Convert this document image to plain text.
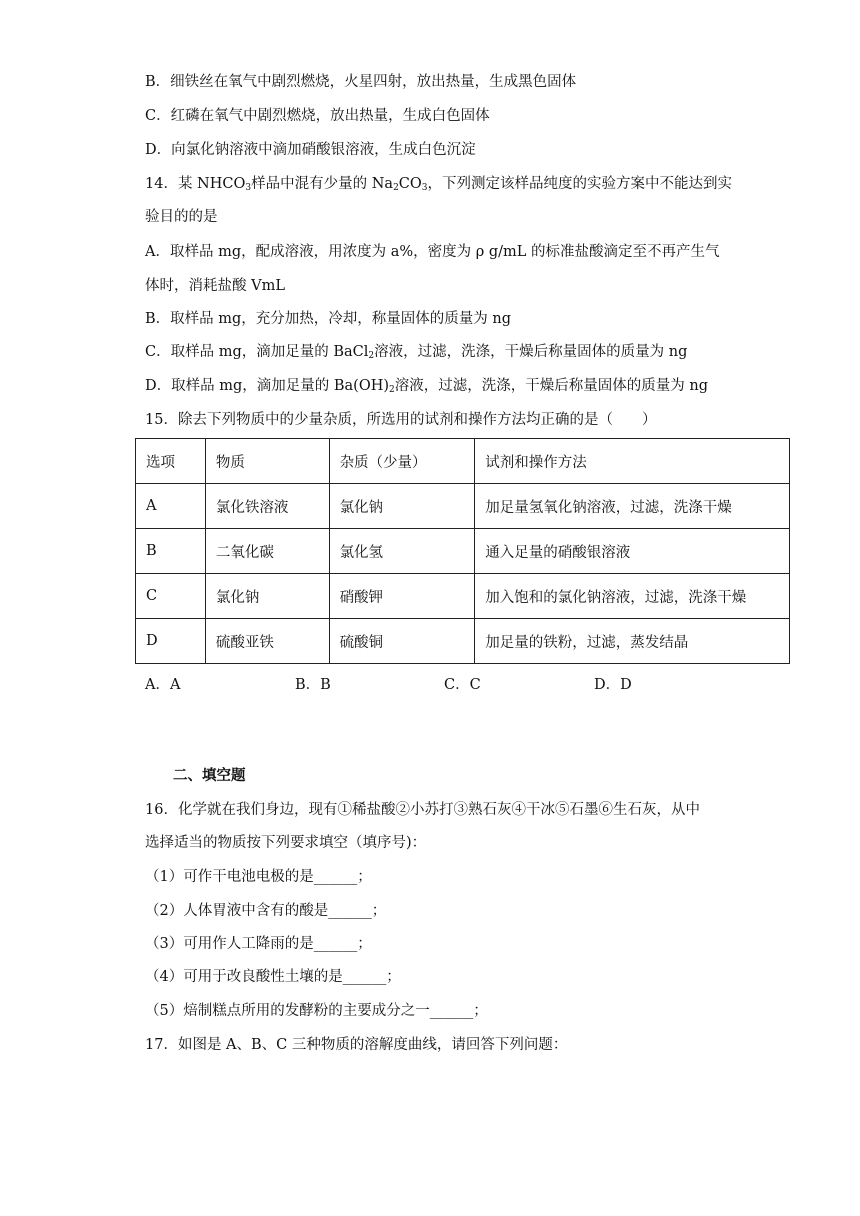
B．细铁丝在氧气中剧烈燃烧，火星四射，放出热量，生成黑色固体
C．红磷在氧气中剧烈燃烧，放出热量，生成白色固体
D．向氯化钠溶液中滴加硝酸银溶液，生成白色沉淀
14．某 $NHCO_3$样品中混有少量的 $Na_2CO_3$，下列测定该样品纯度的实验方案中不能达到实
验目的的是
A．取样品 mg，配成溶液，用浓度为 a%，密度为 ρ g/mL 的标准盐酸滴定至不再产生气
体时，消耗盐酸 VmL
B．取样品 mg，充分加热，冷却，称量固体的质量为 ng
C．取样品 mg，滴加足量的 BaCl$_2$溶液，过滤，洗涤，干燥后称量固体的质量为 ng
D．取样品 mg，滴加足量的 $Ba(OH)_2$溶液，过滤，洗涤，干燥后称量固体的质量为 ng
15．除去下列物质中的少量杂质，所选用的试剂和操作方法均正确的是（　　）
选项	物质	杂质（少量）	试剂和操作方法
A	氯化铁溶液	氯化钠	加足量氢氧化钠溶液，过滤，洗涤干燥
B	二氧化碳	氯化氢	通入足量的硝酸银溶液
C	氯化钠	硝酸钾	加入饱和的氯化钠溶液，过滤，洗涤干燥
D	硫酸亚铁	硫酸铜	加足量的铁粉，过滤，蒸发结晶
A．A	B．B	C．C	D．D
二、填空题
16．化学就在我们身边，现有①稀盐酸②小苏打③熟石灰④干冰⑤石墨⑥生石灰，从中
选择适当的物质按下列要求填空（填序号)：
（1）可作干电池电极的是______；
（2）人体胃液中含有的酸是______；
（3）可用作人工降雨的是______；
（4）可用于改良酸性土壤的是______；
（5）焙制糕点所用的发酵粉的主要成分之一______；
17．如图是 A、B、C 三种物质的溶解度曲线，请回答下列问题：
